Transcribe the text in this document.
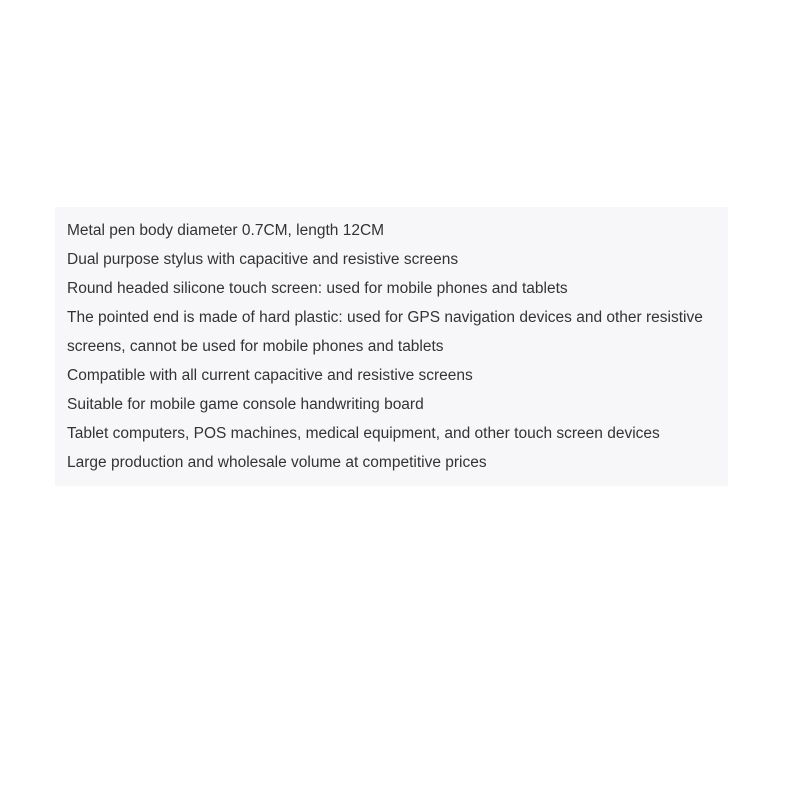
Metal pen body diameter 0.7CM, length 12CM
Dual purpose stylus with capacitive and resistive screens
Round headed silicone touch screen: used for mobile phones and tablets
The pointed end is made of hard plastic: used for GPS navigation devices and other resistive
screens, cannot be used for mobile phones and tablets
Compatible with all current capacitive and resistive screens
Suitable for mobile game console handwriting board
Tablet computers, POS machines, medical equipment, and other touch screen devices
Large production and wholesale volume at competitive prices
